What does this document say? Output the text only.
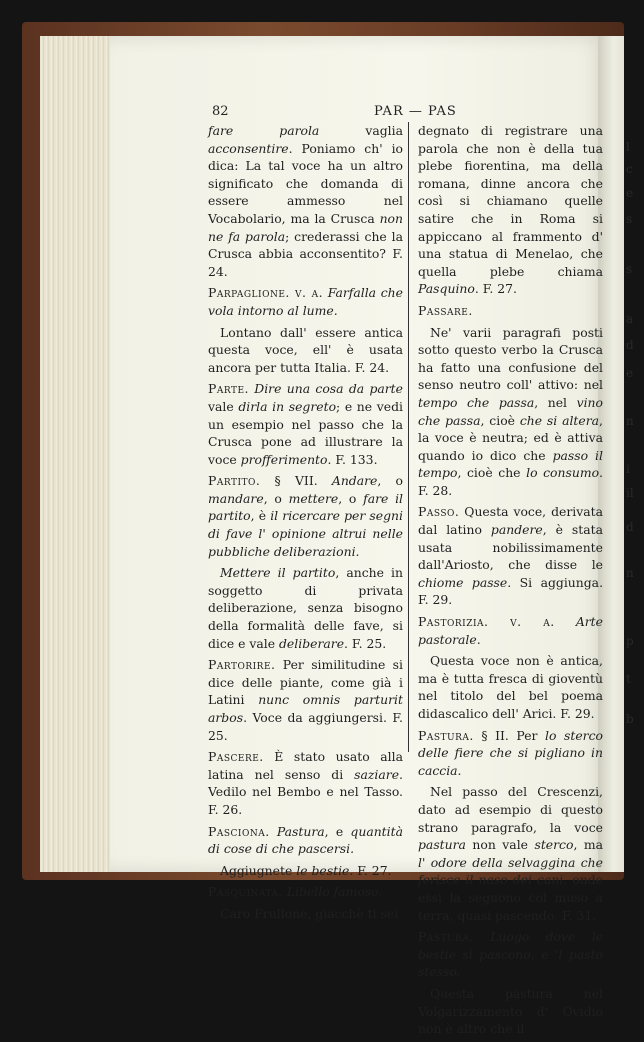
l
c
e
s
s
a
d
e
n
i
il
d
n
p
t
b
82	PAR — PAS

fare parola vaglia acconsentire. Poniamo ch' io dica: La tal voce ha un altro significato che domanda di essere ammesso nel Vocabolario, ma la Crusca non ne fa parola; crederassi che la Crusca abbia acconsentito? F. 24.

Parpaglione. v. a. Farfalla che vola intorno al lume.

Lontano dall' essere antica questa voce, ell' è usata ancora per tutta Italia. F. 24.

Parte. Dire una cosa da parte vale dirla in segreto; e ne vedi un esempio nel passo che la Crusca pone ad illustrare la voce profferimento. F. 133.

Partito. § VII. Andare, o mandare, o mettere, o fare il partito, è il ricercare per segni di fave l' opinione altrui nelle pubbliche deliberazioni.

Mettere il partito, anche in soggetto di privata deliberazione, senza bisogno della formalità delle fave, si dice e vale deliberare. F. 25.

Partorire. Per similitudine si dice delle piante, come già i Latini nunc omnis parturit arbos. Voce da aggiungersi. F. 25.

Pascere. È stato usato alla latina nel senso di saziare. Vedilo nel Bembo e nel Tasso. F. 26.

Pasciona. Pastura, e quantità di cose di che pascersi.

Aggiugnete le bestie. F. 27.

Pasquinata. Libello famoso.

Caro Frullone, giacchè ti sei

degnato di registrare una parola che non è della tua plebe fiorentina, ma della romana, dinne ancora che così si chiamano quelle satire che in Roma si appiccano al frammento d' una statua di Menelao, che quella plebe chiama Pasquino. F. 27.

Passare.

Ne' varii paragrafi posti sotto questo verbo la Crusca ha fatto una confusione del senso neutro coll' attivo: nel tempo che passa, nel vino che passa, cioè che si altera, la voce è neutra; ed è attiva quando io dico che passo il tempo, cioè che lo consumo. F. 28.

Passo. Questa voce, derivata dal latino pandere, è stata usata nobilissimamente dall'Ariosto, che disse le chiome passe. Si aggiunga. F. 29.

Pastorizia. v. a. Arte pastorale.

Questa voce non è antica, ma è tutta fresca di gioventù nel titolo del bel poema didascalico dell' Arici. F. 29.

Pastura. § II. Per lo sterco delle fiere che si pigliano in caccia.

Nel passo del Crescenzi, dato ad esempio di questo strano paragrafo, la voce pastura non vale sterco, ma l' odore della selvaggina che ferisce il naso dei cani, onde essi la seguono col muso a terra, quasi pascendo. F. 31.

Pastura. Luogo dove le bestie si pascono, e 'l pasto stesso.

Questa pastura nel Volgarizzamento d' Ovidio non è altro che il
